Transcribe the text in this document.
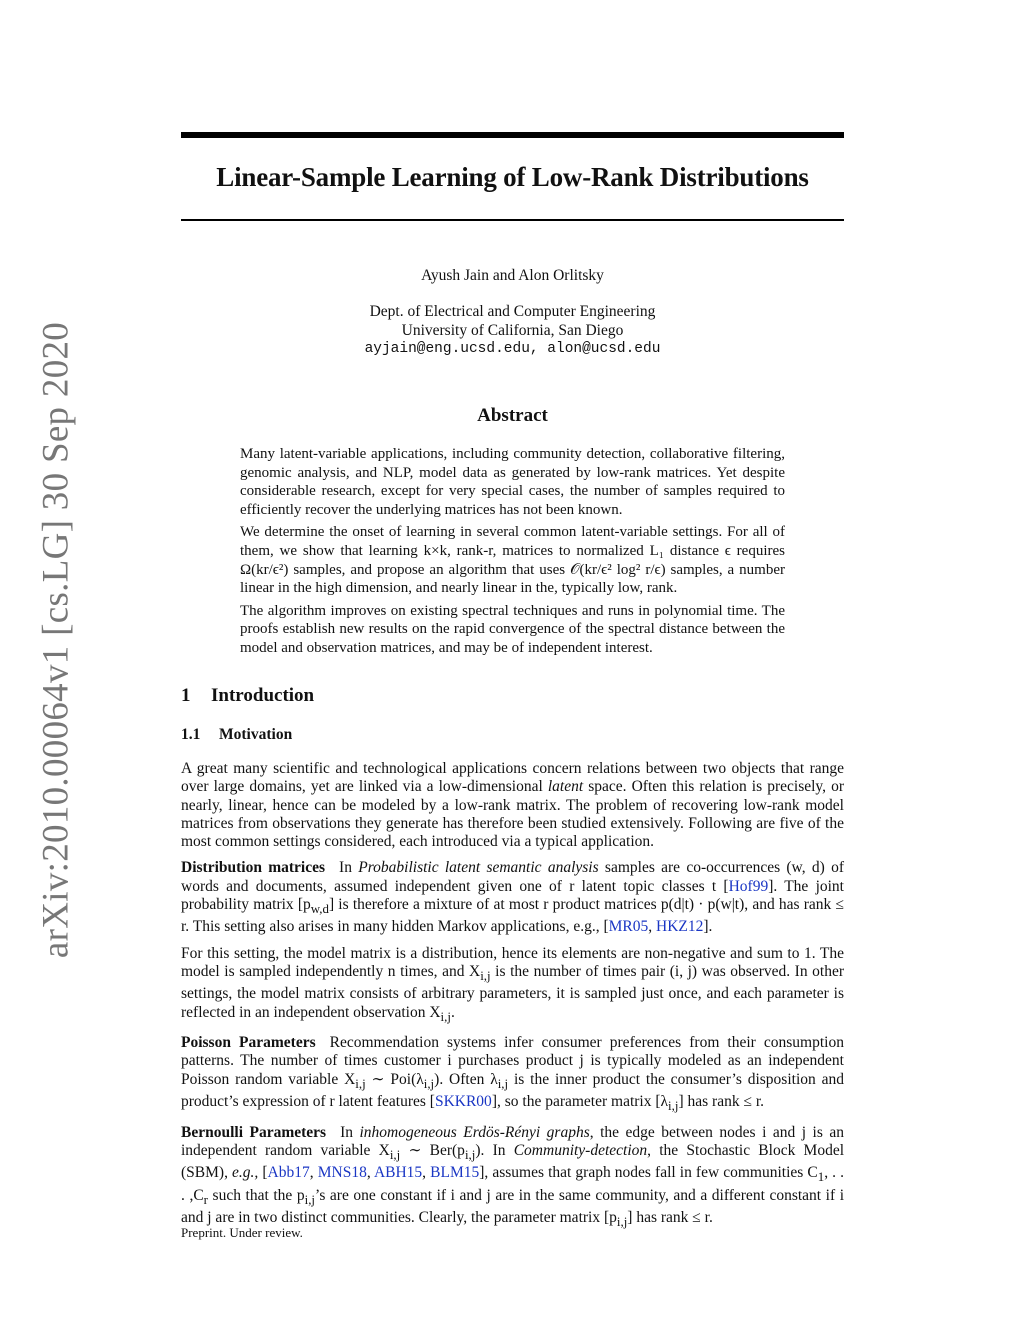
arXiv:2010.00064v1 [cs.LG] 30 Sep 2020
Linear-Sample Learning of Low-Rank Distributions
Ayush Jain and Alon Orlitsky
Dept. of Electrical and Computer Engineering
University of California, San Diego
ayjain@eng.ucsd.edu, alon@ucsd.edu
Abstract

Many latent-variable applications, including community detection, collaborative filtering, genomic analysis, and NLP, model data as generated by low-rank matrices. Yet despite considerable research, except for very special cases, the number of samples required to efficiently recover the underlying matrices has not been known.

We determine the onset of learning in several common latent-variable settings. For all of them, we show that learning k×k, rank-r, matrices to normalized L₁ distance ϵ requires Ω(kr/ϵ²) samples, and propose an algorithm that uses 𝒪(kr/ϵ² log² r/ϵ) samples, a number linear in the high dimension, and nearly linear in the, typically low, rank.

The algorithm improves on existing spectral techniques and runs in polynomial time. The proofs establish new results on the rapid convergence of the spectral distance between the model and observation matrices, and may be of independent interest.

1 Introduction
1.1 Motivation

A great many scientific and technological applications concern relations between two objects that range over large domains, yet are linked via a low-dimensional latent space. Often this relation is precisely, or nearly, linear, hence can be modeled by a low-rank matrix. The problem of recovering low-rank model matrices from observations they generate has therefore been studied extensively. Following are five of the most common settings considered, each introduced via a typical application.

Distribution matrices In Probabilistic latent semantic analysis samples are co-occurrences (w, d) of words and documents, assumed independent given one of r latent topic classes t [Hof99]. The joint probability matrix $[p_{w,d}]$ is therefore a mixture of at most r product matrices p(d|t) · p(w|t), and has rank ≤ r. This setting also arises in many hidden Markov applications, e.g., [MR05, HKZ12].

For this setting, the model matrix is a distribution, hence its elements are non-negative and sum to 1. The model is sampled independently n times, and $X_{i,j}$ is the number of times pair (i, j) was observed. In other settings, the model matrix consists of arbitrary parameters, it is sampled just once, and each parameter is reflected in an independent observation $X_{i,j}$.

Poisson Parameters Recommendation systems infer consumer preferences from their consumption patterns. The number of times customer i purchases product j is typically modeled as an independent Poisson random variable $X_{i,j}$ ∼ $Poi(\lambda_{i,j})$. Often $\lambda_{i,j}$ is the inner product the consumer’s disposition and product’s expression of r latent features [SKKR00], so the parameter matrix $[\lambda_{i,j}]$ has rank ≤ r.

Bernoulli Parameters In inhomogeneous Erdös-Rényi graphs, the edge between nodes i and j is an independent random variable $X_{i,j}$ ∼ $Ber(p_{i,j})$. In Community-detection, the Stochastic Block Model (SBM), e.g., [Abb17, MNS18, ABH15, BLM15], assumes that graph nodes fall in few communities $C_1$, . . . $,C_r$ such that the $p_{i,j}’s$ are one constant if i and j are in the same community, and a different constant if i and j are in two distinct communities. Clearly, the parameter matrix $[p_{i,j}]$ has rank ≤ r.

Preprint. Under review.
